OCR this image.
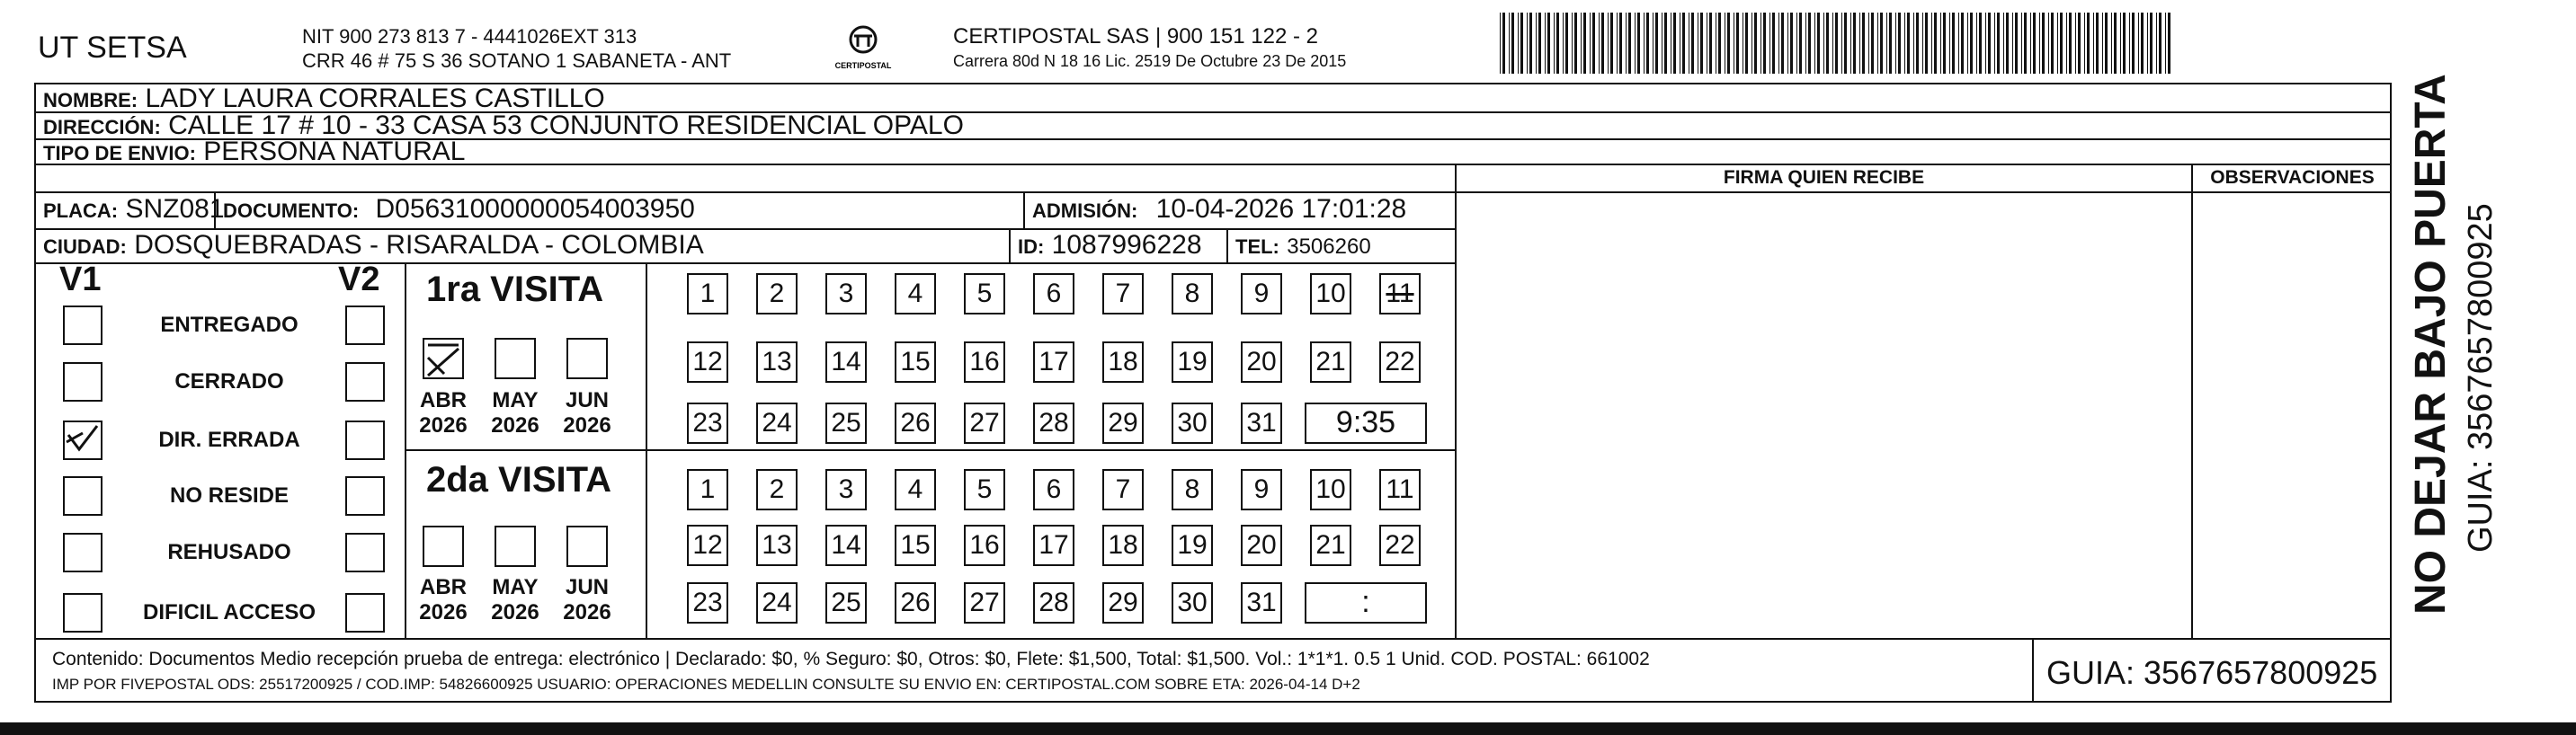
UT SETSA	NIT 900 273 813 7 - 4441026EXT 313
CRR 46 # 75 S 36 SOTANO 1 SABANETA - ANT	CERTIPOSTAL
CERTIPOSTAL SAS | 900 151 122 - 2
Carrera 80d N 18 16 Lic. 2519 De Octubre 23 De 2015
NOMBRE: LADY LAURA CORRALES CASTILLO
DIRECCIÓN: CALLE 17 # 10 - 33 CASA 53 CONJUNTO RESIDENCIAL OPALO
TIPO DE ENVIO: PERSONA NATURAL
FIRMA QUIEN RECIBE	OBSERVACIONES
PLACA: SNZ081
DOCUMENTO: D05631000000054003950	ADMISIÓN: 10-04-2026 17:01:28
CIUDAD: DOSQUEBRADAS - RISARALDA - COLOMBIA	ID: 1087996228 TEL: 3506260
V1	V2
ENTREGADO
CERRADO
DIR. ERRADA
NO RESIDE
REHUSADO
DIFICIL ACCESO
1ra VISITA
2da VISITA
ABR
2026
MAY
2026
JUN
2026
ABR
2026
MAY
2026
JUN
2026
1	2	3	4	5	6	7	8	9	10 11
12 13 14 15 16 17 18 19 20 21 22
23 24 25 26 27 28 29 30 31	9:35
1	2	3	4	5	6	7	8	9	10 11
12 13 14 15 16 17 18 19 20 21 22
23 24 25 26 27 28 29 30 31	:
Contenido: Documentos Medio recepción prueba de entrega: electrónico | Declarado: $0, % Seguro: $0, Otros: $0, Flete: $1,500, Total: $1,500. Vol.: 1*1*1. 0.5 1 Unid. COD. POSTAL: 661002
IMP POR FIVEPOSTAL ODS: 25517200925 / COD.IMP: 54826600925 USUARIO: OPERACIONES MEDELLIN CONSULTE SU ENVIO EN: CERTIPOSTAL.COM SOBRE ETA: 2026-04-14 D+2	GUIA: 3567657800925
NO DEJAR BAJO PUERTA GUIA: 3567657800925
